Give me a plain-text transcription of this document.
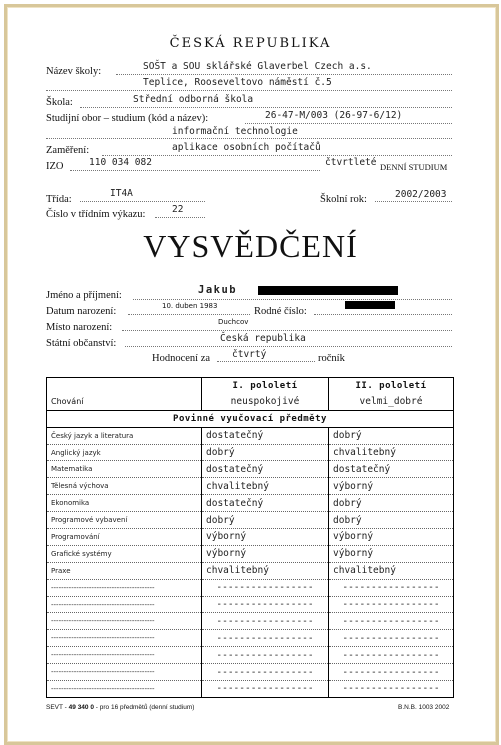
ČESKÁ REPUBLIKA
Název školy:	SOŠT a SOU sklářské Glaverbel Czech a.s.
Teplice, Rooseveltovo náměstí č.5
Škola:	Střední odborná škola
Studijní obor – studium (kód a název):	26-47-M/003 (26-97-6/12)
informační technologie
Zaměření:	aplikace osobních počítačů
IZO	110 034 082	čtvrtleté DENNÍ STUDIUM
Třída:
IT4A
Školní rok:	2002/2003
Číslo v třídním výkazu:	22
VYSVĚDČENÍ
Jméno a příjmení:	Jakub
Datum narození:	10. duben 1983	Rodné číslo:
Místo narození:	Duchcov
Státní občanství:	Česká republika
Hodnocení za čtvrtý	ročník
	I. pololetí	II. pololetí
Chování	neuspokojivé	velmi_dobré
Povinné vyučovací předměty		
Český jazyk a literatura	dostatečný	dobrý
Anglický jazyk	dobrý	chvalitebný
Matematika	dostatečný	dostatečný
Tělesná výchova	chvalitebný	výborný
Ekonomika	dostatečný	dobrý
Programové vybavení	dobrý	dobrý
Programování	výborný	výborný
Grafické systémy	výborný	výborný
Praxe	chvalitebný	chvalitebný
-----------------------------------------	-----------------	-----------------
-----------------------------------------	-----------------	-----------------
-----------------------------------------	-----------------	-----------------
-----------------------------------------	-----------------	-----------------
-----------------------------------------	-----------------	-----------------
-----------------------------------------	-----------------	-----------------
-----------------------------------------	-----------------	-----------------
SEVT - 49 340 0 - pro 16 předmětů (denní studium)	B.N.B. 1003 2002
